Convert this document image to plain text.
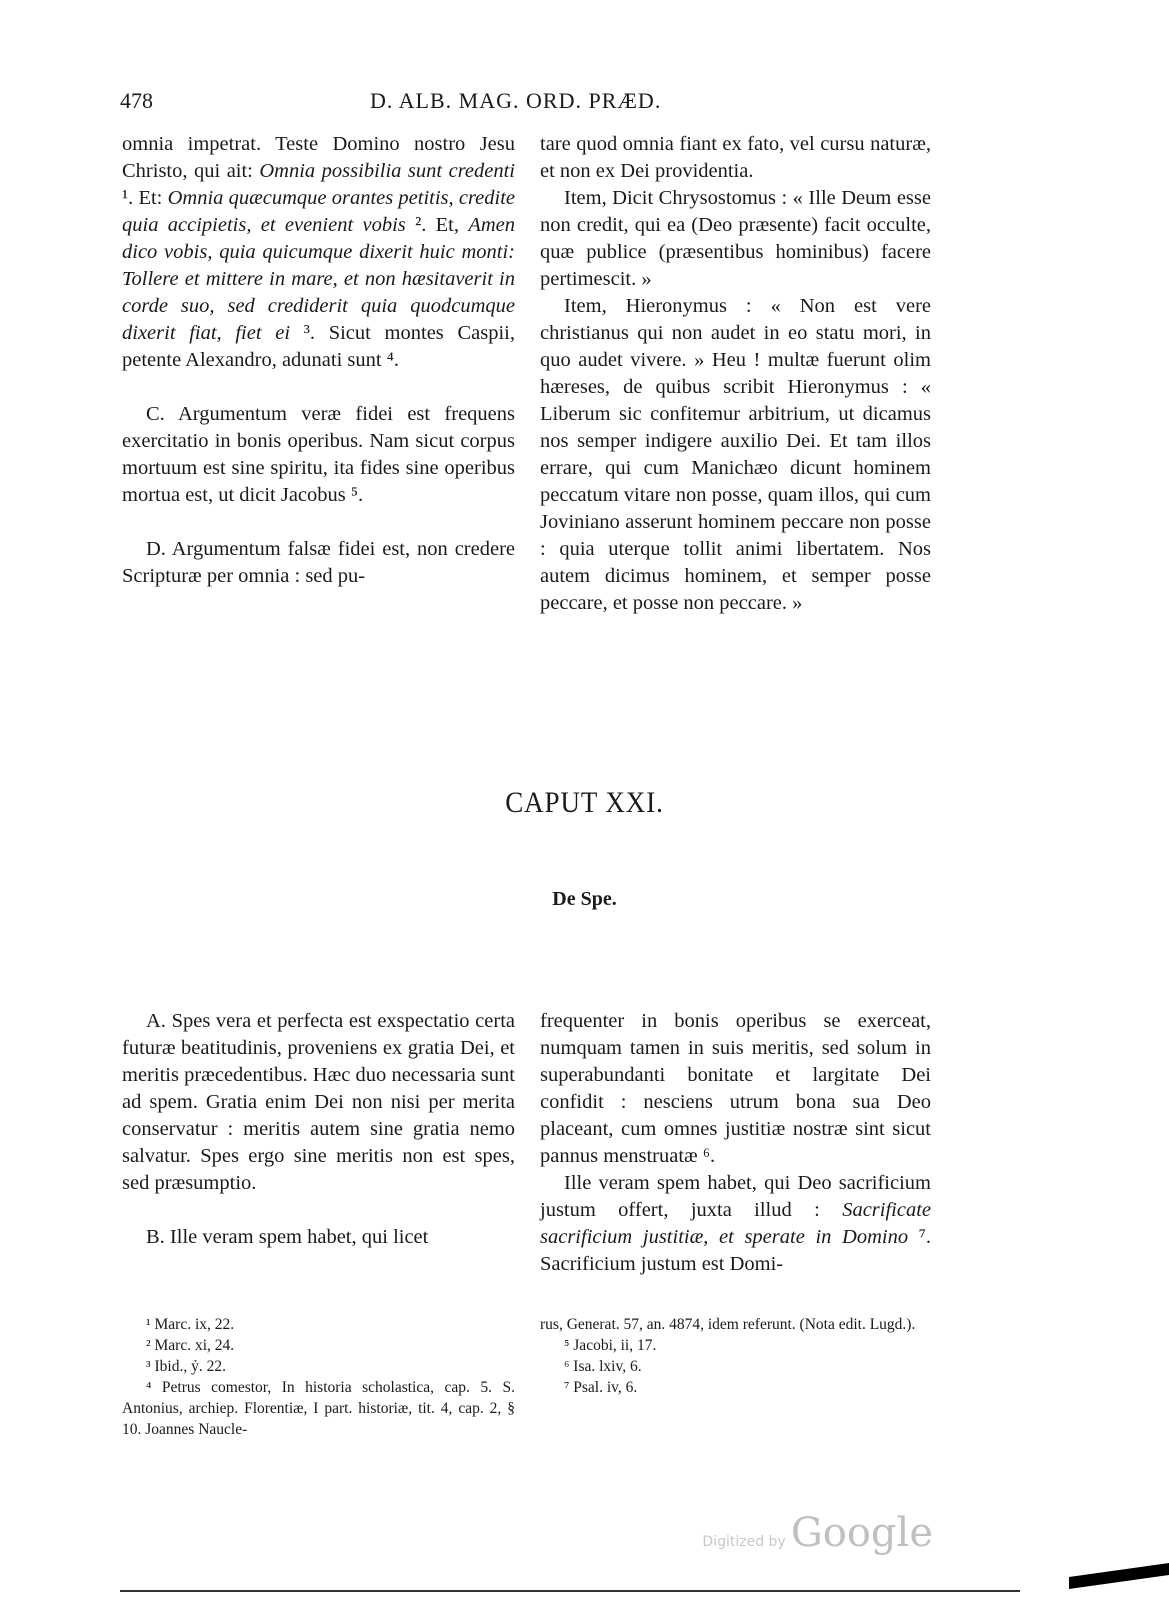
478	D. ALB. MAG. ORD. PRÆD.

omnia impetrat. Teste Domino nostro Jesu Christo, qui ait: Omnia possibilia sunt credenti ¹. Et: Omnia quæcumque orantes petitis, credite quia accipietis, et evenient vobis ². Et, Amen dico vobis, quia quicumque dixerit huic monti: Tollere et mittere in mare, et non hæsitaverit in corde suo, sed crediderit quia quodcumque dixerit fiat, fiet ei ³. Sicut montes Caspii, petente Alexandro, adunati sunt ⁴.

C. Argumentum veræ fidei est frequens exercitatio in bonis operibus. Nam sicut corpus mortuum est sine spiritu, ita fides sine operibus mortua est, ut dicit Jacobus ⁵.

D. Argumentum falsæ fidei est, non credere Scripturæ per omnia : sed pu-

tare quod omnia fiant ex fato, vel cursu naturæ, et non ex Dei providentia.

Item, Dicit Chrysostomus : « Ille Deum esse non credit, qui ea (Deo præsente) facit occulte, quæ publice (præsentibus hominibus) facere pertimescit. »

Item, Hieronymus : « Non est vere christianus qui non audet in eo statu mori, in quo audet vivere. » Heu ! multæ fuerunt olim hæreses, de quibus scribit Hieronymus : « Liberum sic confitemur arbitrium, ut dicamus nos semper indigere auxilio Dei. Et tam illos errare, qui cum Manichæo dicunt hominem peccatum vitare non posse, quam illos, qui cum Joviniano asserunt hominem peccare non posse : quia uterque tollit animi libertatem. Nos autem dicimus hominem, et semper posse peccare, et posse non peccare. »

CAPUT XXI.
De Spe.

A. Spes vera et perfecta est exspectatio certa futuræ beatitudinis, proveniens ex gratia Dei, et meritis præcedentibus. Hæc duo necessaria sunt ad spem. Gratia enim Dei non nisi per merita conservatur : meritis autem sine gratia nemo salvatur. Spes ergo sine meritis non est spes, sed præsumptio.

B. Ille veram spem habet, qui licet

frequenter in bonis operibus se exerceat, numquam tamen in suis meritis, sed solum in superabundanti bonitate et largitate Dei confidit : nesciens utrum bona sua Deo placeant, cum omnes justitiæ nostræ sint sicut pannus menstruatæ ⁶.

Ille veram spem habet, qui Deo sacrificium justum offert, juxta illud : Sacrificate sacrificium justitiæ, et sperate in Domino ⁷. Sacrificium justum est Domi-

¹ Marc. ix, 22.
² Marc. xi, 24.
³ Ibid., ỷ. 22.
⁴ Petrus comestor, In historia scholastica, cap. 5. S. Antonius, archiep. Florentiæ, I part. historiæ, tit. 4, cap. 2, § 10. Joannes Naucle-
rus, Generat. 57, an. 4874, idem referunt. (Nota edit. Lugd.).
⁵ Jacobi, ii, 17.
⁶ Isa. lxiv, 6.
⁷ Psal. iv, 6.
Digitized by Google
